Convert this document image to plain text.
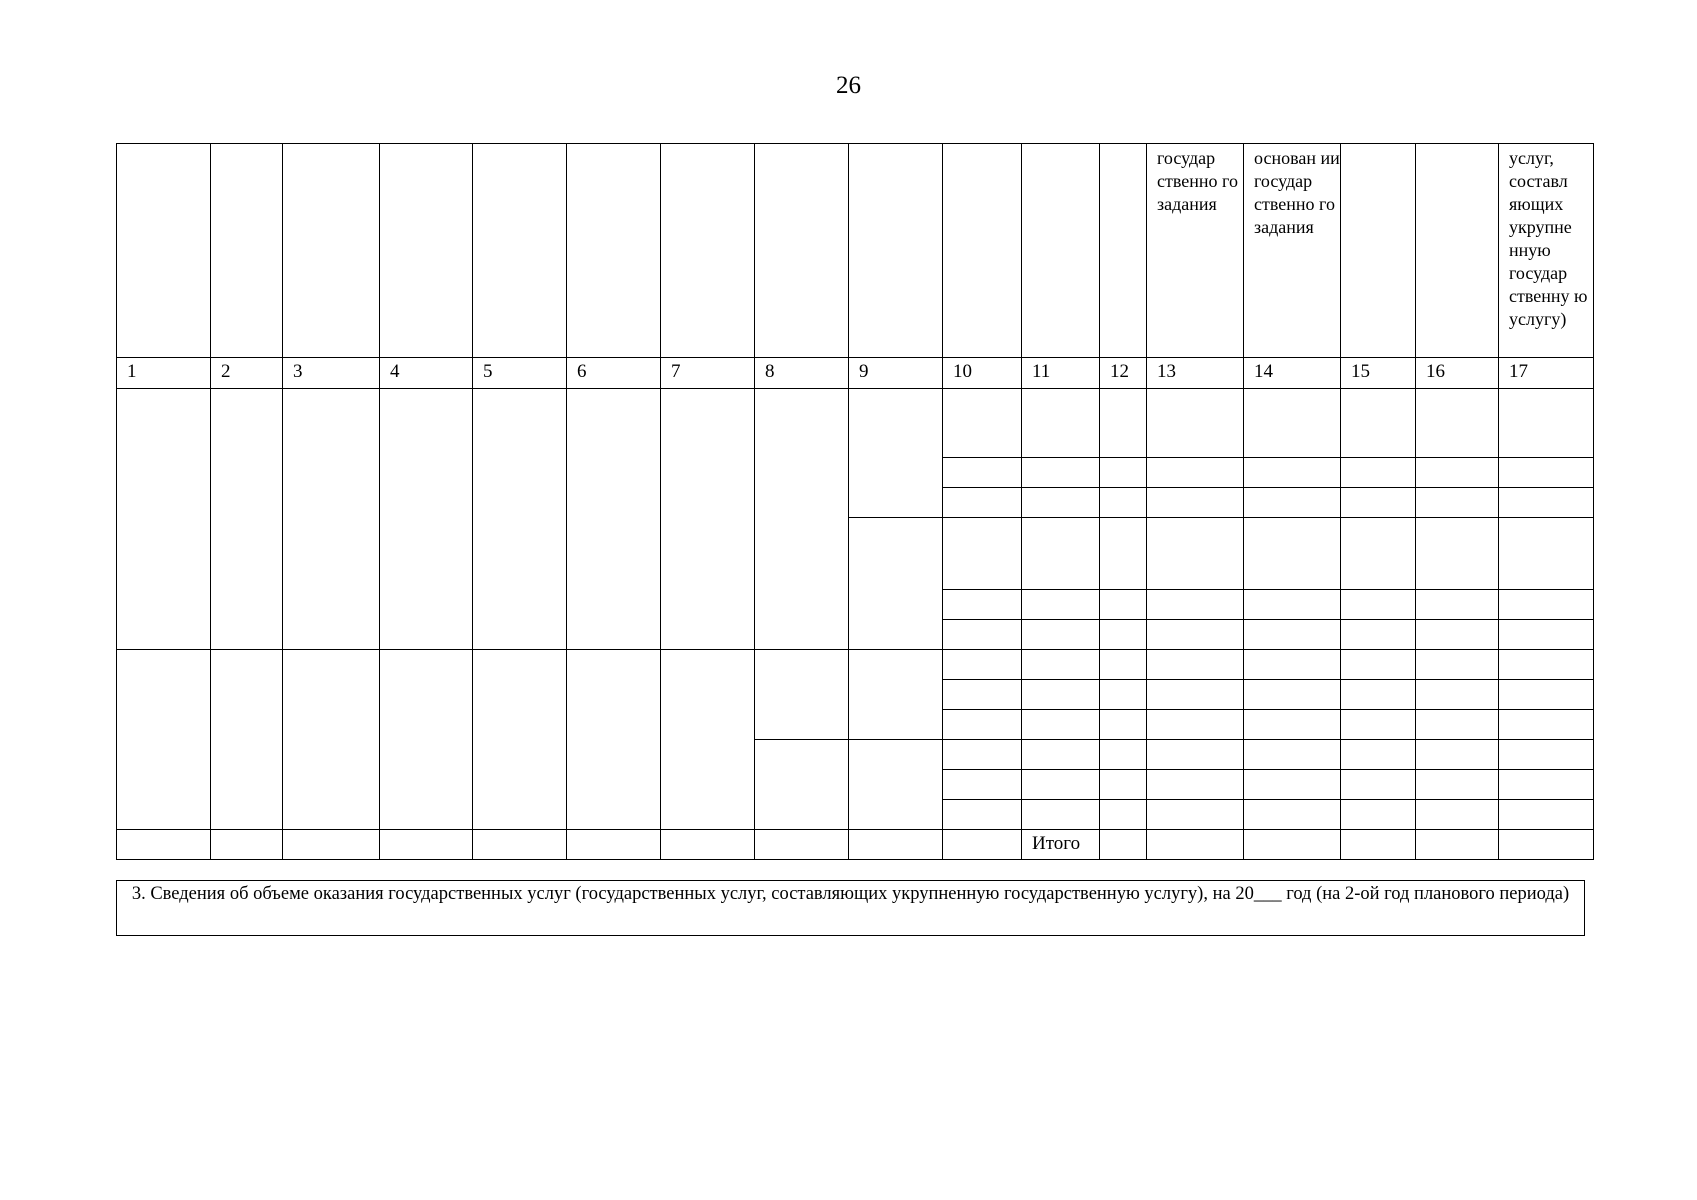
26
												государ ственно го задания	основан ии государ ственно го задания			услуг, составл яющих укрупне нную государ ственну ю услугу)
1	2	3	4	5	6	7	8	9	10	11	12	13	14	15	16	17

										Итого						
3. Сведения об объеме оказания государственных услуг (государственных услуг, составляющих укрупненную государственную услугу), на 20___ год (на 2-ой год планового периода)
